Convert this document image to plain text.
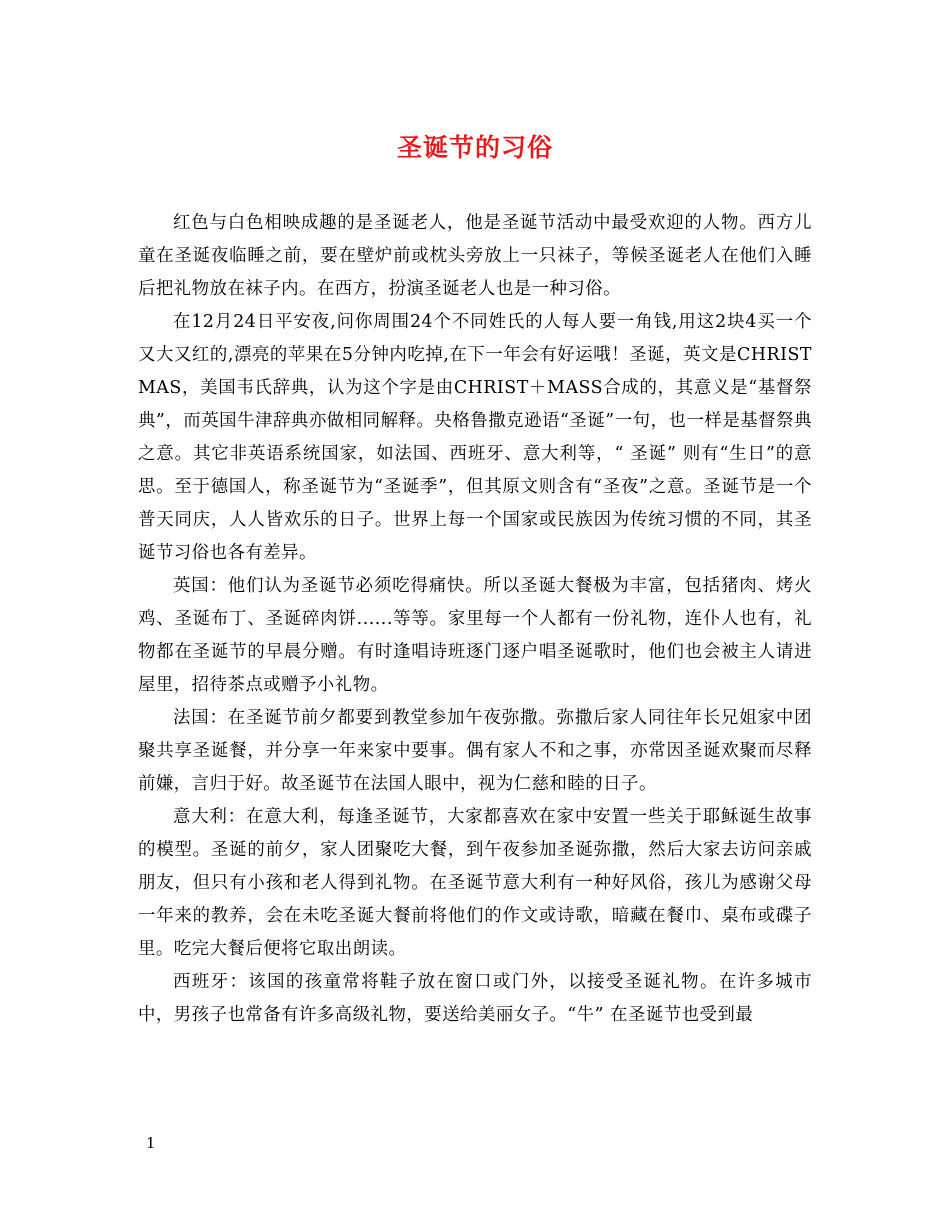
圣诞节的习俗

红色与白色相映成趣的是圣诞老人，他是圣诞节活动中最受欢迎的人物。西方儿童在圣诞夜临睡之前，要在壁炉前或枕头旁放上一只袜子，等候圣诞老人在他们入睡后把礼物放在袜子内。在西方，扮演圣诞老人也是一种习俗。

在12月24日平安夜,问你周围24个不同姓氏的人每人要一角钱,用这2块4买一个又大又红的,漂亮的苹果在5分钟内吃掉,在下一年会有好运哦！圣诞，英文是CHRISTMAS，美国韦氏辞典，认为这个字是由CHRIST＋MASS合成的，其意义是“基督祭典”，而英国牛津辞典亦做相同解释。央格鲁撒克逊语“圣诞”一句，也一样是基督祭典之意。其它非英语系统国家，如法国、西班牙、意大利等，“ 圣诞” 则有“生日”的意思。至于德国人，称圣诞节为“圣诞季”，但其原文则含有“圣夜”之意。圣诞节是一个普天同庆，人人皆欢乐的日子。世界上每一个国家或民族因为传统习惯的不同，其圣诞节习俗也各有差异。

英国：他们认为圣诞节必须吃得痛快。所以圣诞大餐极为丰富，包括猪肉、烤火鸡、圣诞布丁、圣诞碎肉饼......等等。家里每一个人都有一份礼物，连仆人也有，礼物都在圣诞节的早晨分赠。有时逢唱诗班逐门逐户唱圣诞歌时，他们也会被主人请进屋里，招待茶点或赠予小礼物。

法国：在圣诞节前夕都要到教堂参加午夜弥撒。弥撒后家人同往年长兄姐家中团聚共享圣诞餐，并分享一年来家中要事。偶有家人不和之事，亦常因圣诞欢聚而尽释前嫌，言归于好。故圣诞节在法国人眼中，视为仁慈和睦的日子。

意大利：在意大利，每逢圣诞节，大家都喜欢在家中安置一些关于耶稣诞生故事的模型。圣诞的前夕，家人团聚吃大餐，到午夜参加圣诞弥撒，然后大家去访问亲戚朋友，但只有小孩和老人得到礼物。在圣诞节意大利有一种好风俗，孩儿为感谢父母一年来的教养，会在未吃圣诞大餐前将他们的作文或诗歌，暗藏在餐巾、桌布或碟子里。吃完大餐后便将它取出朗读。

西班牙：该国的孩童常将鞋子放在窗口或门外，以接受圣诞礼物。在许多城市中，男孩子也常备有许多高级礼物，要送给美丽女子。“牛” 在圣诞节也受到最

1
